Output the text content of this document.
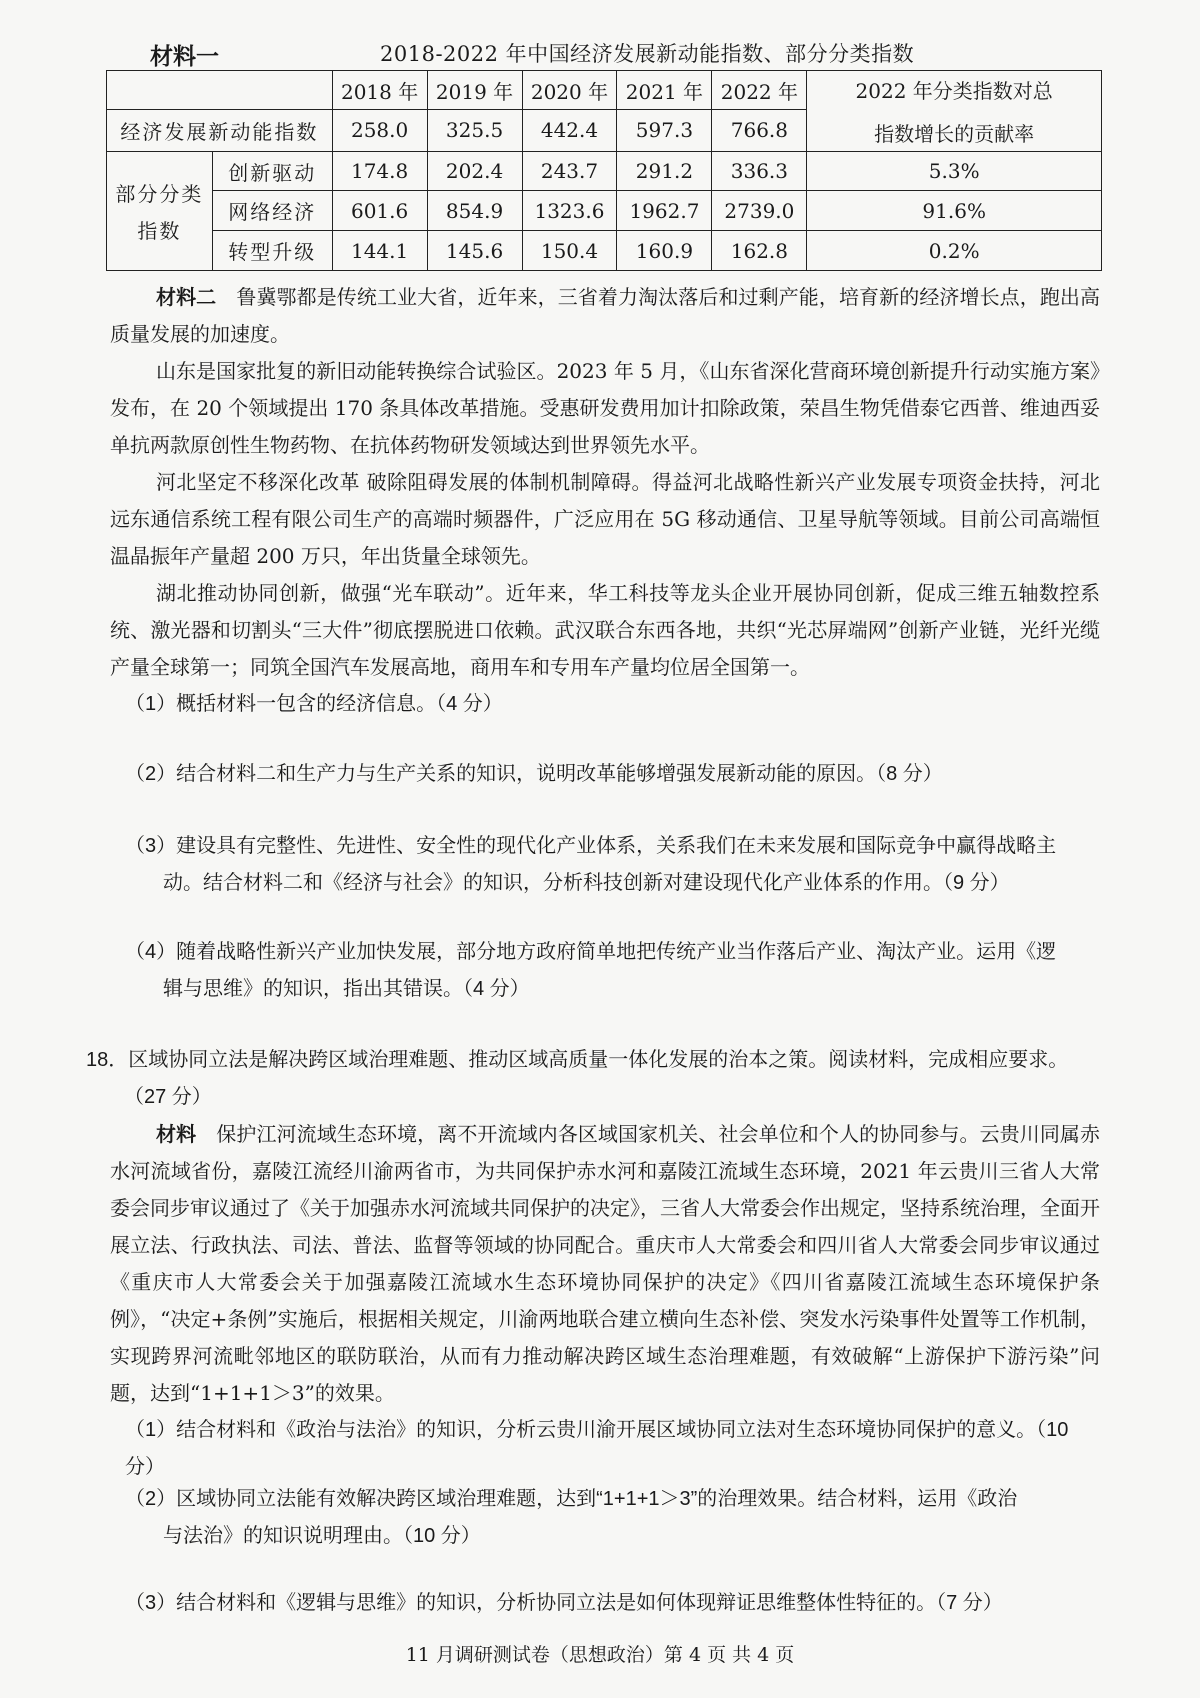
材料一	2018-2022 年中国经济发展新动能指数、部分分类指数
		2018 年	2019 年	2020 年	2021 年	2022 年	2022 年分类指数对总
指数增长的贡献率

经济发展新动能指数		258.0	325.5	442.4	597.3	766.8	

部分分类
指数	创新驱动	174.8	202.4	243.7	291.2	336.3	5.3%
	网络经济	601.6	854.9	1323.6	1962.7	2739.0	91.6%
	转型升级	144.1	145.6	150.4	160.9	162.8	0.2%

材料二　 鲁冀鄂都是传统工业大省，近年来，三省着力淘汰落后和过剩产能，培育新的经济增长点，跑出高质量发展的加速度。

山东是国家批复的新旧动能转换综合试验区。2023 年 5 月，《山东省深化营商环境创新提升行动实施方案》发布，在 20 个领域提出 170 条具体改革措施。受惠研发费用加计扣除政策，荣昌生物凭借泰它西普、维迪西妥单抗两款原创性生物药物、在抗体药物研发领域达到世界领先水平。

河北坚定不移深化改革 破除阻碍发展的体制机制障碍。得益河北战略性新兴产业发展专项资金扶持，河北远东通信系统工程有限公司生产的高端时频器件，广泛应用在 5G 移动通信、卫星导航等领域。目前公司高端恒温晶振年产量超 200 万只，年出货量全球领先。

湖北推动协同创新，做强“光车联动”。近年来，华工科技等龙头企业开展协同创新，促成三维五轴数控系统、激光器和切割头“三大件”彻底摆脱进口依赖。武汉联合东西各地，共织“光芯屏端网”创新产业链，光纤光缆产量全球第一；同筑全国汽车发展高地，商用车和专用车产量均位居全国第一。

（1）概括材料一包含的经济信息。（4 分）

（2）结合材料二和生产力与生产关系的知识，说明改革能够增强发展新动能的原因。（8 分）

（3）建设具有完整性、先进性、安全性的现代化产业体系，关系我们在未来发展和国际竞争中赢得战略主
动。结合材料二和《经济与社会》的知识，分析科技创新对建设现代化产业体系的作用。（9 分）

（4）随着战略性新兴产业加快发展，部分地方政府简单地把传统产业当作落后产业、淘汰产业。运用《逻
辑与思维》的知识，指出其错误。（4 分）

18．区域协同立法是解决跨区域治理难题、推动区域高质量一体化发展的治本之策。阅读材料，完成相应要求。
（27 分）

材料　 保护江河流域生态环境，离不开流域内各区域国家机关、社会单位和个人的协同参与。云贵川同属赤水河流域省份，嘉陵江流经川渝两省市，为共同保护赤水河和嘉陵江流域生态环境，2021 年云贵川三省人大常委会同步审议通过了《关于加强赤水河流域共同保护的决定》，三省人大常委会作出规定，坚持系统治理，全面开展立法、行政执法、司法、普法、监督等领域的协同配合。重庆市人大常委会和四川省人大常委会同步审议通过《重庆市人大常委会关于加强嘉陵江流域水生态环境协同保护的决定》《四川省嘉陵江流域生态环境保护条例》，“决定+条例”实施后，根据相关规定，川渝两地联合建立横向生态补偿、突发水污染事件处置等工作机制，实现跨界河流毗邻地区的联防联治，从而有力推动解决跨区域生态治理难题，有效破解“上游保护下游污染”问题，达到“1+1+1＞3”的效果。

（1）结合材料和《政治与法治》的知识，分析云贵川渝开展区域协同立法对生态环境协同保护的意义。（10 分）

（2）区域协同立法能有效解决跨区域治理难题，达到“1+1+1＞3”的治理效果。结合材料，运用《政治
与法治》的知识说明理由。（10 分）

（3）结合材料和《逻辑与思维》的知识，分析协同立法是如何体现辩证思维整体性特征的。（7 分）

11 月调研测试卷（思想政治）第 4 页 共 4 页
